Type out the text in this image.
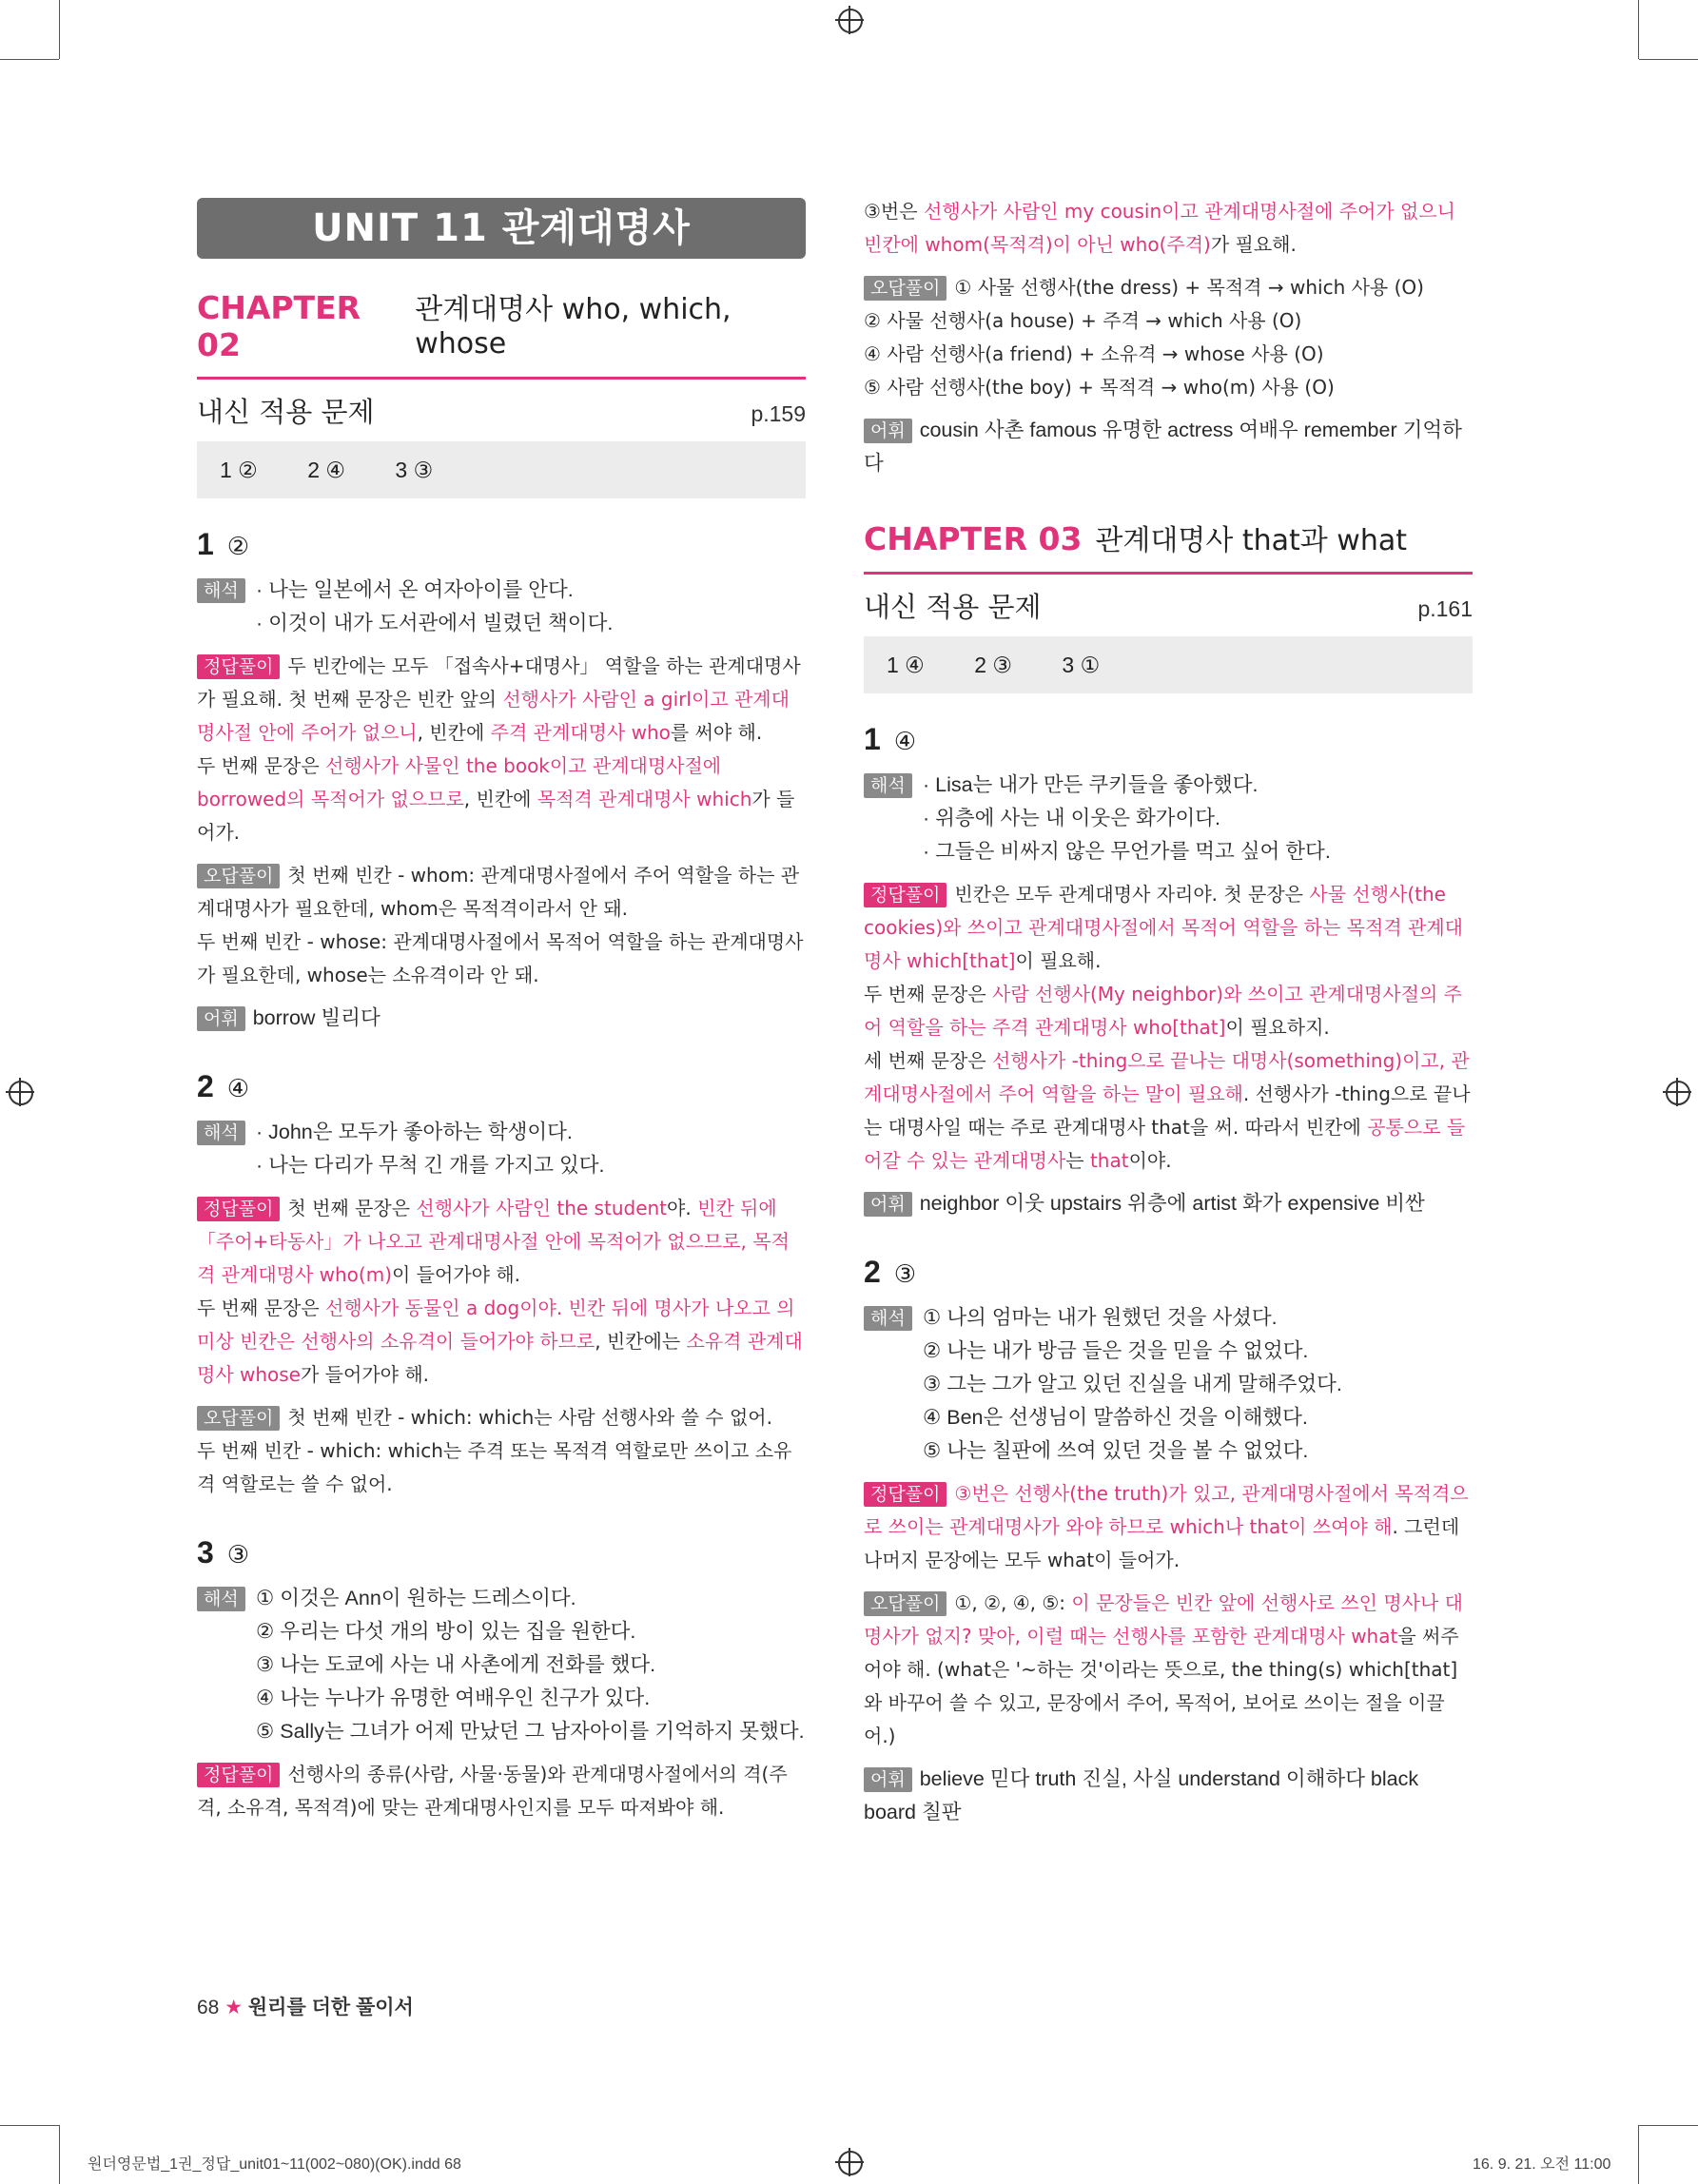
UNIT 11 관계대명사
CHAPTER 02
관계대명사 who, which, whose
내신 적용 문제	p.159
1 ② 2 ④ 3 ③
1 ②
해석 · 나는 일본에서 온 여자아이를 안다.
· 이것이 내가 도서관에서 빌렸던 책이다.
정답풀이 두 빈칸에는 모두 「접속사+대명사」 역할을 하는 관계대명사가 필요해. 첫 번째 문장은 빈칸 앞의 선행사가 사람인 a girl이고 관계대명사절 안에 주어가 없으니, 빈칸에 주격 관계대명사 who를 써야 해.
두 번째 문장은 선행사가 사물인 the book이고 관계대명사절에 borrowed의 목적어가 없으므로, 빈칸에 목적격 관계대명사 which가 들어가.
오답풀이 첫 번째 빈칸 - whom: 관계대명사절에서 주어 역할을 하는 관계대명사가 필요한데, whom은 목적격이라서 안 돼.
두 번째 빈칸 - whose: 관계대명사절에서 목적어 역할을 하는 관계대명사가 필요한데, whose는 소유격이라 안 돼.
어휘 borrow 빌리다
2 ④
해석 · John은 모두가 좋아하는 학생이다.
· 나는 다리가 무척 긴 개를 가지고 있다.
정답풀이 첫 번째 문장은 선행사가 사람인 the student야. 빈칸 뒤에 「주어+타동사」가 나오고 관계대명사절 안에 목적어가 없으므로, 목적격 관계대명사 who(m)이 들어가야 해.
두 번째 문장은 선행사가 동물인 a dog이야. 빈칸 뒤에 명사가 나오고 의미상 빈칸은 선행사의 소유격이 들어가야 하므로, 빈칸에는 소유격 관계대명사 whose가 들어가야 해.
오답풀이 첫 번째 빈칸 - which: which는 사람 선행사와 쓸 수 없어.
두 번째 빈칸 - which: which는 주격 또는 목적격 역할로만 쓰이고 소유격 역할로는 쓸 수 없어.
3 ③
해석 ① 이것은 Ann이 원하는 드레스이다.
② 우리는 다섯 개의 방이 있는 집을 원한다.
③ 나는 도쿄에 사는 내 사촌에게 전화를 했다.
④ 나는 누나가 유명한 여배우인 친구가 있다.
⑤ Sally는 그녀가 어제 만났던 그 남자아이를 기억하지 못했다.
정답풀이 선행사의 종류(사람, 사물·동물)와 관계대명사절에서의 격(주격, 소유격, 목적격)에 맞는 관계대명사인지를 모두 따져봐야 해.
③번은 선행사가 사람인 my cousin이고 관계대명사절에 주어가 없으니 빈칸에 whom(목적격)이 아닌 who(주격)가 필요해.
오답풀이 ① 사물 선행사(the dress) + 목적격 → which 사용 (O)
② 사물 선행사(a house) + 주격 → which 사용 (O)
④ 사람 선행사(a friend) + 소유격 → whose 사용 (O)
⑤ 사람 선행사(the boy) + 목적격 → who(m) 사용 (O)
어휘 cousin 사촌 famous 유명한 actress 여배우 remember 기억하다
CHAPTER 03 관계대명사 that과 what
내신 적용 문제	p.161
1 ④ 2 ③ 3 ①
1 ④
해석 · Lisa는 내가 만든 쿠키들을 좋아했다.
· 위층에 사는 내 이웃은 화가이다.
· 그들은 비싸지 않은 무언가를 먹고 싶어 한다.
정답풀이 빈칸은 모두 관계대명사 자리야. 첫 문장은 사물 선행사(the cookies)와 쓰이고 관계대명사절에서 목적어 역할을 하는 목적격 관계대명사 which[that]이 필요해.
두 번째 문장은 사람 선행사(My neighbor)와 쓰이고 관계대명사절의 주어 역할을 하는 주격 관계대명사 who[that]이 필요하지.
세 번째 문장은 선행사가 -thing으로 끝나는 대명사(something)이고, 관계대명사절에서 주어 역할을 하는 말이 필요해. 선행사가 -thing으로 끝나는 대명사일 때는 주로 관계대명사 that을 써. 따라서 빈칸에 공통으로 들어갈 수 있는 관계대명사는 that이야.
어휘 neighbor 이웃 upstairs 위층에 artist 화가 expensive 비싼
2 ③
해석 ① 나의 엄마는 내가 원했던 것을 사셨다.
② 나는 내가 방금 들은 것을 믿을 수 없었다.
③ 그는 그가 알고 있던 진실을 내게 말해주었다.
④ Ben은 선생님이 말씀하신 것을 이해했다.
⑤ 나는 칠판에 쓰여 있던 것을 볼 수 없었다.
정답풀이 ③번은 선행사(the truth)가 있고, 관계대명사절에서 목적격으로 쓰이는 관계대명사가 와야 하므로 which나 that이 쓰여야 해. 그런데 나머지 문장에는 모두 what이 들어가.
오답풀이 ①, ②, ④, ⑤: 이 문장들은 빈칸 앞에 선행사로 쓰인 명사나 대명사가 없지? 맞아, 이럴 때는 선행사를 포함한 관계대명사 what을 써주어야 해. (what은 '~하는 것'이라는 뜻으로, the thing(s) which[that]와 바꾸어 쓸 수 있고, 문장에서 주어, 목적어, 보어로 쓰이는 절을 이끌어.)
어휘 believe 믿다 truth 진실, 사실 understand 이해하다 black board 칠판
68 ★ 원리를 더한 풀이서
원더영문법_1권_정답_unit01~11(002~080)(OK).indd 68	16. 9. 21. 오전 11:00
